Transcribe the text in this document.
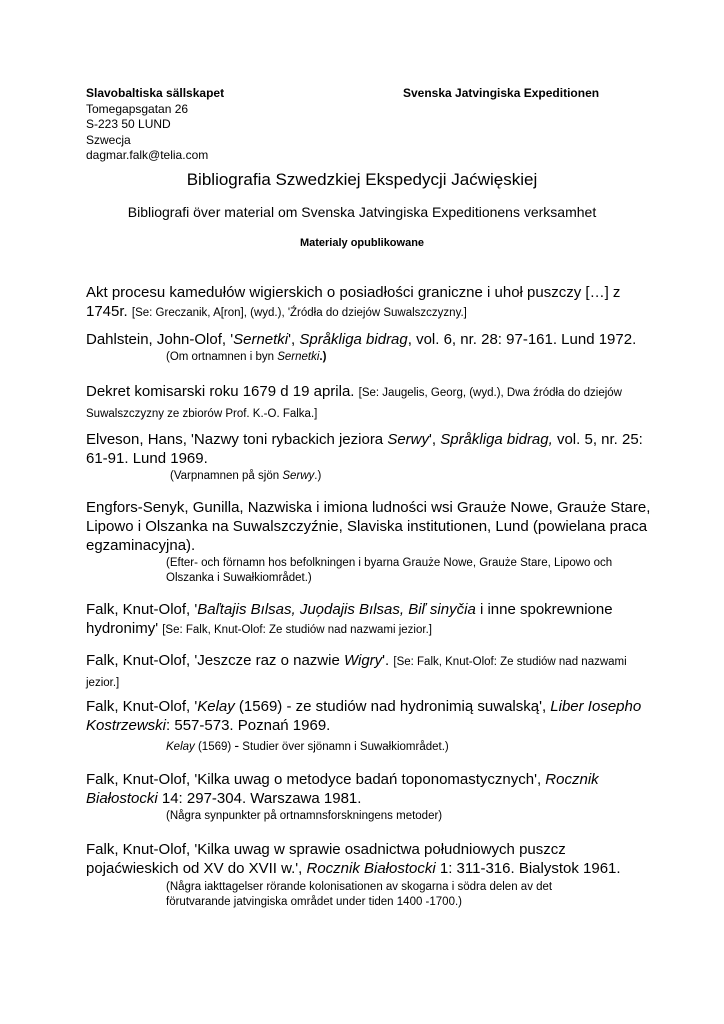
Slavobaltiska sällskapet
Tomegapsgatan 26
S-223 50 LUND
Szwecja
dagmar.falk@telia.com
Svenska Jatvingiska Expeditionen
Bibliografia Szwedzkiej Ekspedycji Jaćwięskiej
Bibliografi över material om Svenska Jatvingiska Expeditionens verksamhet
Materialy opublikowane
Akt procesu kamedułów wigierskich o posiadłości graniczne i uhoł puszczy […] z 1745r. [Se: Greczanik, A[ron], (wyd.), 'Źródła do dziejów Suwalszczyzny.]
Dahlstein, John-Olof, 'Sernetki', Språkliga bidrag, vol. 6, nr. 28: 97-161. Lund 1972.
(Om ortnamnen i byn Sernetki.)
Dekret komisarski roku 1679 d 19 aprila. [Se: Jaugelis, Georg, (wyd.), Dwa źródła do dziejów Suwalszczyzny ze zbiorów Prof. K.-O. Falka.]
Elveson, Hans, 'Nazwy toni rybackich jeziora Serwy', Språkliga bidrag, vol. 5, nr. 25: 61-91. Lund 1969.
(Varpnamnen på sjön Serwy.)
Engfors-Senyk, Gunilla, Nazwiska i imiona ludności wsi Grauże Nowe, Grauże Stare, Lipowo i Olszanka na Suwalszczyźnie, Slaviska institutionen, Lund (powielana praca egzaminacyjna).
(Efter- och förnamn hos befolkningen i byarna Grauże Nowe, Grauże Stare, Lipowo och Olszanka i Suwałkiområdet.)
Falk, Knut-Olof, 'Baľtajis Bılsas, Juo̗dajis Bılsas, Biľ sinyčia i inne spokrewnione hydronimy' [Se: Falk, Knut-Olof: Ze studiów nad nazwami jezior.]
Falk, Knut-Olof, 'Jeszcze raz o nazwie Wigry'. [Se: Falk, Knut-Olof: Ze studiów nad nazwami jezior.]
Falk, Knut-Olof, 'Kelay (1569) - ze studiów nad hydronimią suwalską', Liber Iosepho Kostrzewski: 557-573. Poznań 1969.
Kelay (1569) - Studier över sjönamn i Suwałkiområdet.)
Falk, Knut-Olof, 'Kilka uwag o metodyce badań toponomastycznych', Rocznik Białostocki 14: 297-304. Warszawa 1981.
(Några synpunkter på ortnamnsforskningens metoder)
Falk, Knut-Olof, 'Kilka uwag w sprawie osadnictwa południowych puszcz pojaćwieskich od XV do XVII w.', Rocznik Białostocki 1: 311-316. Bialystok 1961.
(Några iakttagelser rörande kolonisationen av skogarna i södra delen av det förutvarande jatvingiska området under tiden 1400 -1700.)
